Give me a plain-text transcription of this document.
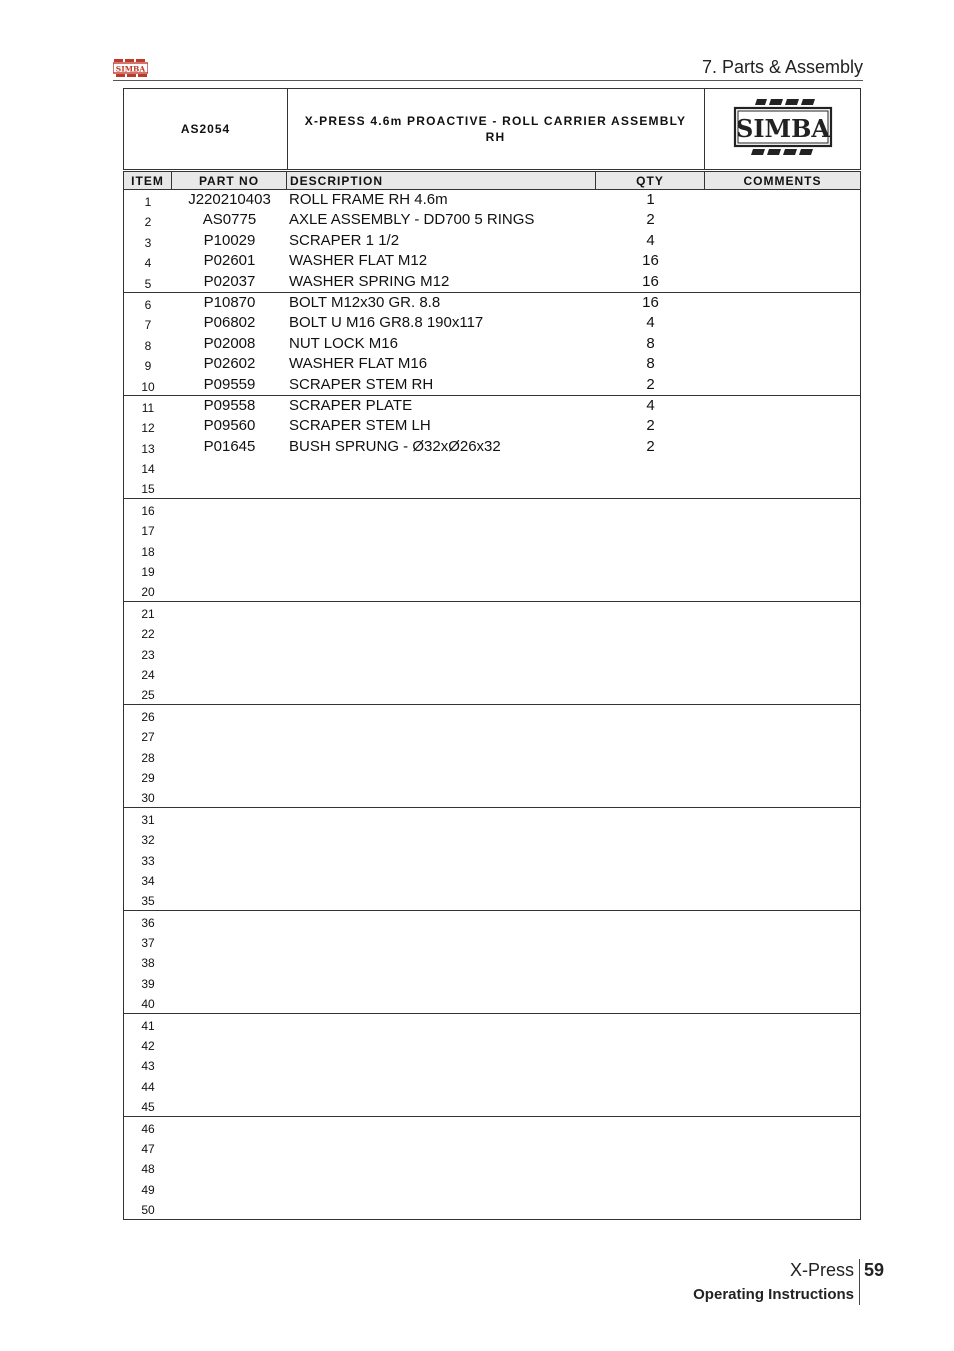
SIMBA	7. Parts & Assembly
AS2054
X-PRESS 4.6m PROACTIVE - ROLL CARRIER ASSEMBLY RH	SIMBA
ITEM	PART NO	DESCRIPTION	QTY	COMMENTS
1	J220210403	ROLL FRAME RH 4.6m	1
2	AS0775	AXLE ASSEMBLY - DD700 5 RINGS	2
3	P10029	SCRAPER 1 1/2	4
4	P02601	WASHER FLAT M12	16
5	P02037	WASHER SPRING M12	16
6	P10870	BOLT M12x30 GR. 8.8	16
7	P06802	BOLT U M16 GR8.8 190x117	4
8	P02008	NUT LOCK M16	8
9	P02602	WASHER FLAT M16	8
10	P09559	SCRAPER STEM RH	2
11	P09558	SCRAPER PLATE	4
12	P09560	SCRAPER STEM LH	2
13	P01645	BUSH SPRUNG - Ø32xØ26x32	2
14
15
16
17
18
19
20
21
22
23
24
25
26
27
28
29
30
31
32
33
34
35
36
37
38
39
40
41
42
43
44
45
46
47
48
49
50
X-Press 59
Operating Instructions
